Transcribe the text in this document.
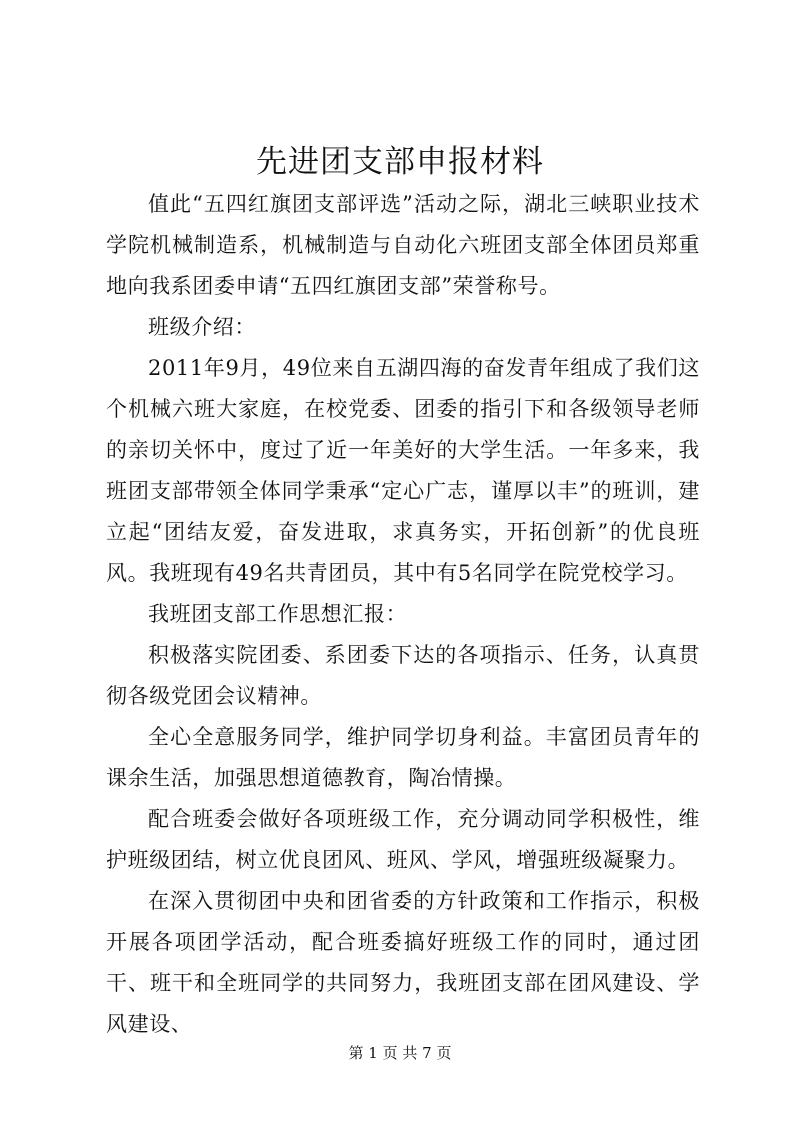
先进团支部申报材料

值此“五四红旗团支部评选”活动之际，湖北三峡职业技术学院机械制造系，机械制造与自动化六班团支部全体团员郑重地向我系团委申请“五四红旗团支部”荣誉称号。

班级介绍：

2011年9月，49位来自五湖四海的奋发青年组成了我们这个机械六班大家庭，在校党委、团委的指引下和各级领导老师的亲切关怀中，度过了近一年美好的大学生活。一年多来，我班团支部带领全体同学秉承“定心广志，谨厚以丰”的班训，建立起“团结友爱，奋发进取，求真务实，开拓创新”的优良班风。我班现有49名共青团员，其中有5名同学在院党校学习。

我班团支部工作思想汇报：

积极落实院团委、系团委下达的各项指示、任务，认真贯彻各级党团会议精神。

全心全意服务同学，维护同学切身利益。丰富团员青年的课余生活，加强思想道德教育，陶冶情操。

配合班委会做好各项班级工作，充分调动同学积极性，维护班级团结，树立优良团风、班风、学风，增强班级凝聚力。

在深入贯彻团中央和团省委的方针政策和工作指示，积极开展各项团学活动，配合班委搞好班级工作的同时，通过团干、班干和全班同学的共同努力，我班团支部在团风建设、学风建设、

第 1 页 共 7 页
